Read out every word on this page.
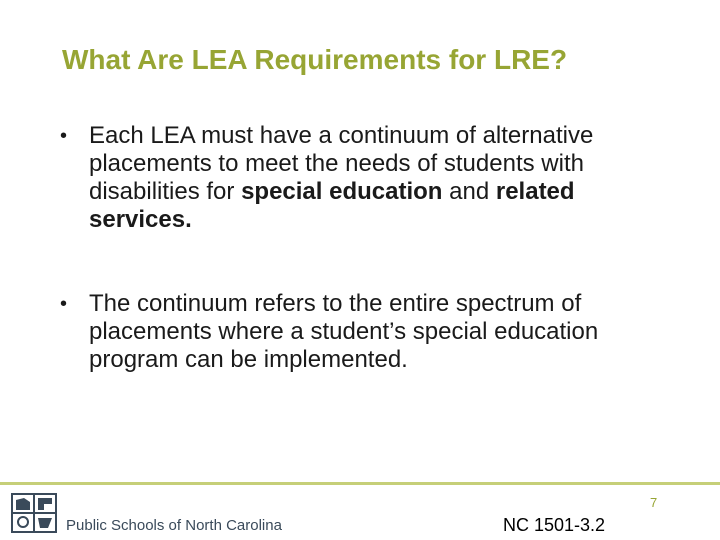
What Are LEA Requirements for LRE?
• Each LEA must have a continuum of alternative placements to meet the needs of students with disabilities for special education and related services.
• The continuum refers to the entire spectrum of placements where a student’s special education program can be implemented.
Public Schools of North Carolina
7
NC 1501-3.2
